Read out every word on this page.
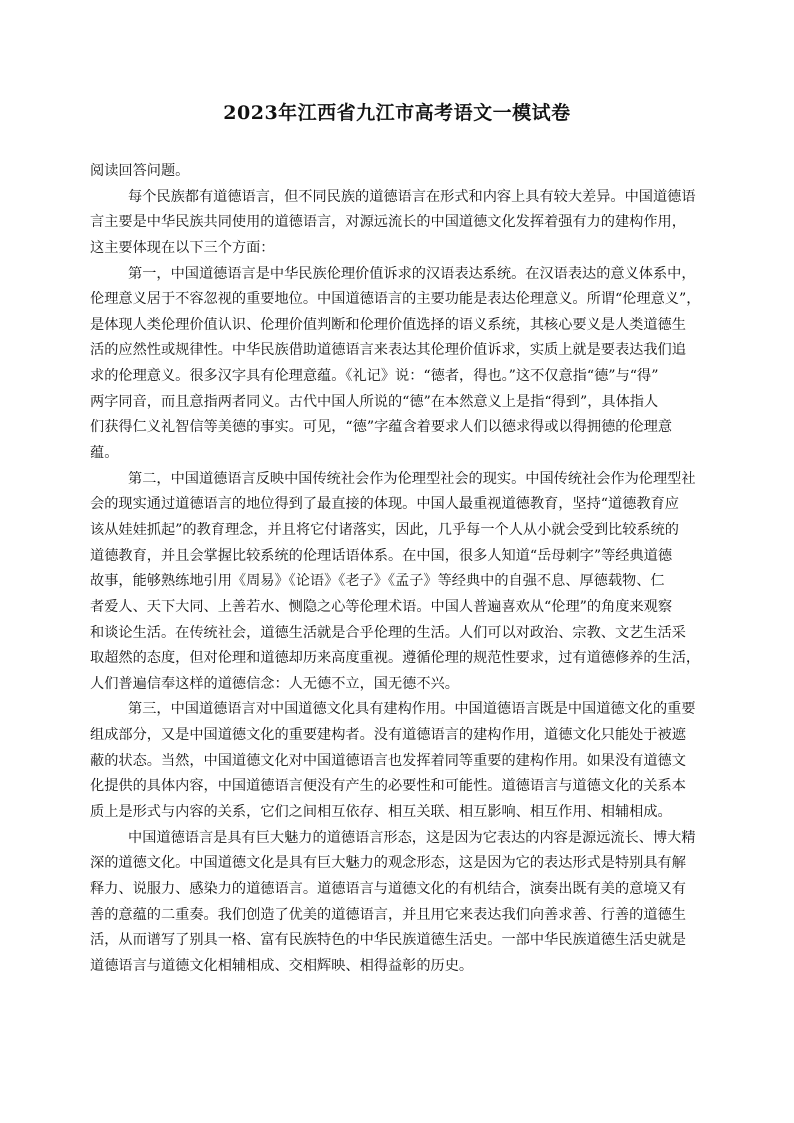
2023年江西省九江市高考语文一模试卷
阅读回答问题。
每个民族都有道德语言，但不同民族的道德语言在形式和内容上具有较大差异。中国道德语
言主要是中华民族共同使用的道德语言，对源远流长的中国道德文化发挥着强有力的建构作用，
这主要体现在以下三个方面：
第一，中国道德语言是中华民族伦理价值诉求的汉语表达系统。在汉语表达的意义体系中，
伦理意义居于不容忽视的重要地位。中国道德语言的主要功能是表达伦理意义。所谓“伦理意义”，
是体现人类伦理价值认识、伦理价值判断和伦理价值选择的语义系统，其核心要义是人类道德生
活的应然性或规律性。中华民族借助道德语言来表达其伦理价值诉求，实质上就是要表达我们追
求的伦理意义。很多汉字具有伦理意蕴。《礼记》说：“德者，得也。”这不仅意指“德”与“得”
两字同音，而且意指两者同义。古代中国人所说的“德”在本然意义上是指“得到”，具体指人
们获得仁义礼智信等美德的事实。可见，“德”字蕴含着要求人们以德求得或以得拥德的伦理意
蕴。
第二，中国道德语言反映中国传统社会作为伦理型社会的现实。中国传统社会作为伦理型社
会的现实通过道德语言的地位得到了最直接的体现。中国人最重视道德教育，坚持“道德教育应
该从娃娃抓起”的教育理念，并且将它付诸落实，因此，几乎每一个人从小就会受到比较系统的
道德教育，并且会掌握比较系统的伦理话语体系。在中国，很多人知道“岳母刺字”等经典道德
故事，能够熟练地引用《周易》《论语》《老子》《孟子》等经典中的自强不息、厚德载物、仁
者爱人、天下大同、上善若水、恻隐之心等伦理术语。中国人普遍喜欢从“伦理”的角度来观察
和谈论生活。在传统社会，道德生活就是合乎伦理的生活。人们可以对政治、宗教、文艺生活采
取超然的态度，但对伦理和道德却历来高度重视。遵循伦理的规范性要求，过有道德修养的生活，
人们普遍信奉这样的道德信念：人无德不立，国无德不兴。
第三，中国道德语言对中国道德文化具有建构作用。中国道德语言既是中国道德文化的重要
组成部分，又是中国道德文化的重要建构者。没有道德语言的建构作用，道德文化只能处于被遮
蔽的状态。当然，中国道德文化对中国道德语言也发挥着同等重要的建构作用。如果没有道德文
化提供的具体内容，中国道德语言便没有产生的必要性和可能性。道德语言与道德文化的关系本
质上是形式与内容的关系，它们之间相互依存、相互关联、相互影响、相互作用、相辅相成。
中国道德语言是具有巨大魅力的道德语言形态，这是因为它表达的内容是源远流长、博大精
深的道德文化。中国道德文化是具有巨大魅力的观念形态，这是因为它的表达形式是特别具有解
释力、说服力、感染力的道德语言。道德语言与道德文化的有机结合，演奏出既有美的意境又有
善的意蕴的二重奏。我们创造了优美的道德语言，并且用它来表达我们向善求善、行善的道德生
活，从而谱写了别具一格、富有民族特色的中华民族道德生活史。一部中华民族道德生活史就是
道德语言与道德文化相辅相成、交相辉映、相得益彰的历史。
